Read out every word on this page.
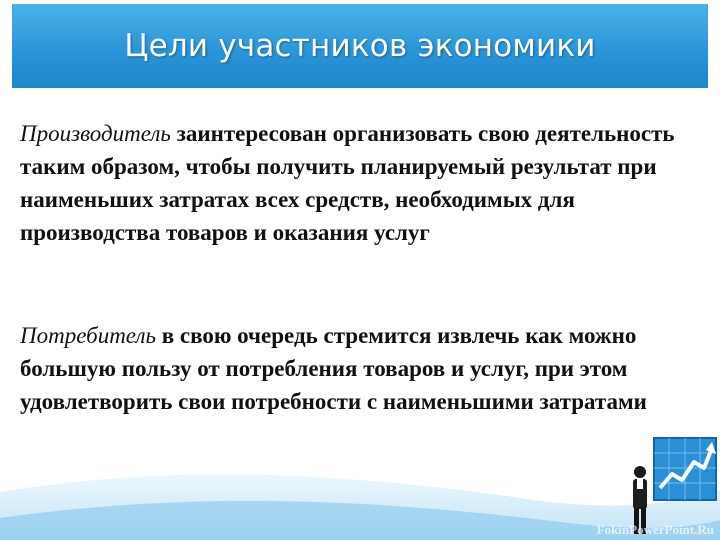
Цели участников экономики

Производитель заинтересован организовать свою деятельность таким образом, чтобы получить планируемый результат при наименьших затратах всех средств, необходимых для производства товаров и оказания услуг

Потребитель в свою очередь стремится извлечь как можно большую пользу от потребления товаров и услуг, при этом удовлетворить свои потребности с наименьшими затратами

FokinPowerPoint.Ru
